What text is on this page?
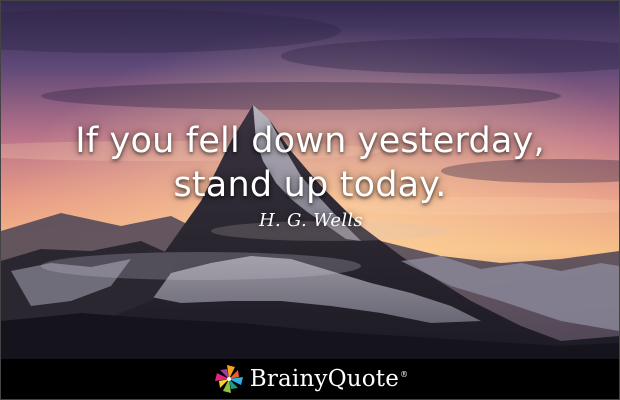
If you fell down yesterday,
stand up today.

H. G. Wells
BrainyQuote®
